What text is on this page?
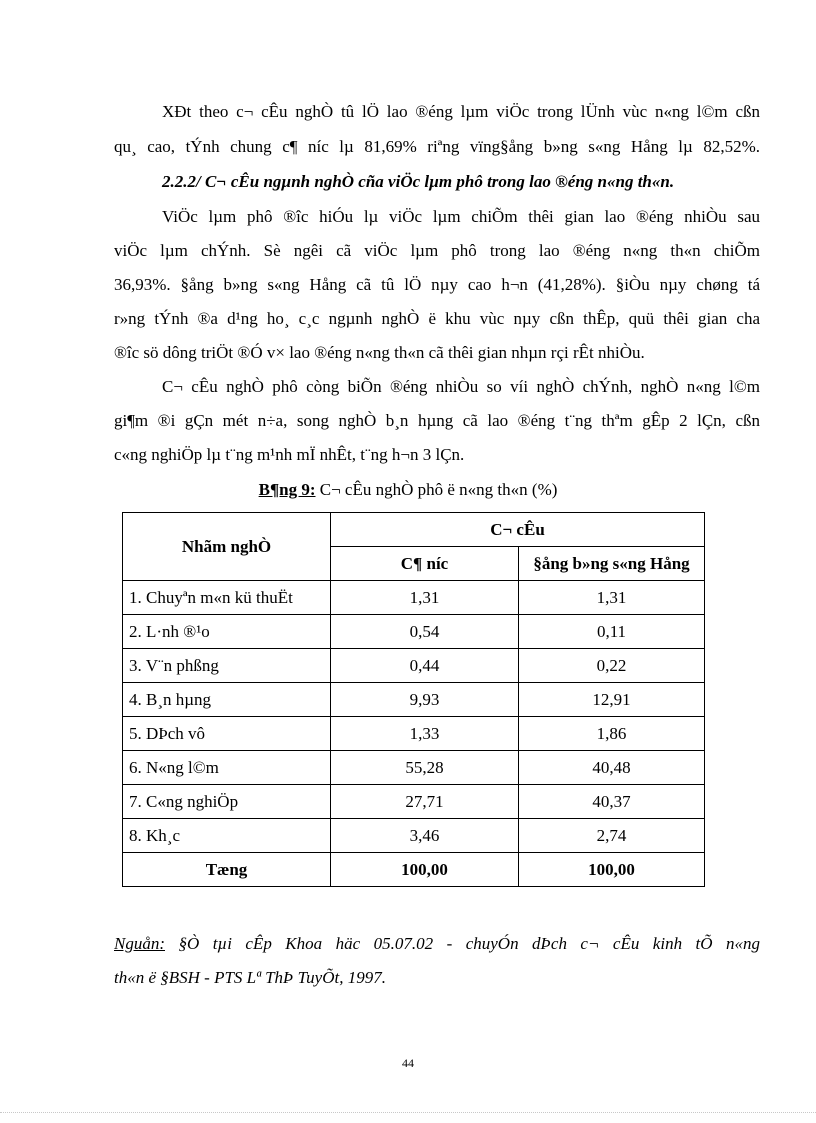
XÐt theo c¬ cÊu nghÒ tû lÖ lao ®éng lµm viÖc trong lÜnh vùc n«ng l©m cßn
qu¸ cao, tÝnh chung c¶ níc lµ 81,69% riªng vïng§ång b»ng s«ng Hång lµ 82,52%.
2.2.2/ C¬ cÊu ngµnh nghÒ cña viÖc lµm phô trong lao ®éng n«ng th«n.
ViÖc lµm phô ®îc hiÓu lµ viÖc lµm chiÕm thêi gian lao ®éng nhiÒu sau
viÖc lµm chÝnh. Sè ngêi cã viÖc lµm phô trong lao ®éng n«ng th«n chiÕm
36,93%. §ång b»ng s«ng Hång cã tû lÖ nµy cao h¬n (41,28%). §iÒu nµy chøng tá
r»ng tÝnh ®a d¹ng ho¸ c¸c ngµnh nghÒ ë khu vùc nµy cßn thÊp, quü thêi gian cha
®îc sö dông triÖt ®Ó v× lao ®éng n«ng th«n cã thêi gian nhµn rçi rÊt nhiÒu.
C¬ cÊu nghÒ phô còng biÕn ®éng nhiÒu so víi nghÒ chÝnh, nghÒ n«ng l©m
gi¶m ®i gÇn mét n÷a, song nghÒ b¸n hµng cã lao ®éng t¨ng thªm gÊp 2 lÇn, cßn
c«ng nghiÖp lµ t¨ng m¹nh mÏ nhÊt, t¨ng h¬n 3 lÇn.
B¶ng 9: C¬ cÊu nghÒ phô ë n«ng th«n (%)
Nhãm nghÒ	C¬ cÊu	
	C¶ níc	§ång b»ng s«ng Hång
1. Chuyªn m«n kü thuËt	1,31	1,31
2. L·nh ®¹o	0,54	0,11
3. V¨n phßng	0,44	0,22
4. B¸n hµng	9,93	12,91
5. DÞch vô	1,33	1,86
6. N«ng l©m	55,28	40,48
7. C«ng nghiÖp	27,71	40,37
8. Kh¸c	3,46	2,74
Tæng	100,00	100,00
Nguån: §Ò tµi cÊp Khoa häc 05.07.02 - chuyÓn dÞch c¬ cÊu kinh tÕ n«ng
th«n ë §BSH - PTS Lª ThÞ TuyÕt, 1997.
44
